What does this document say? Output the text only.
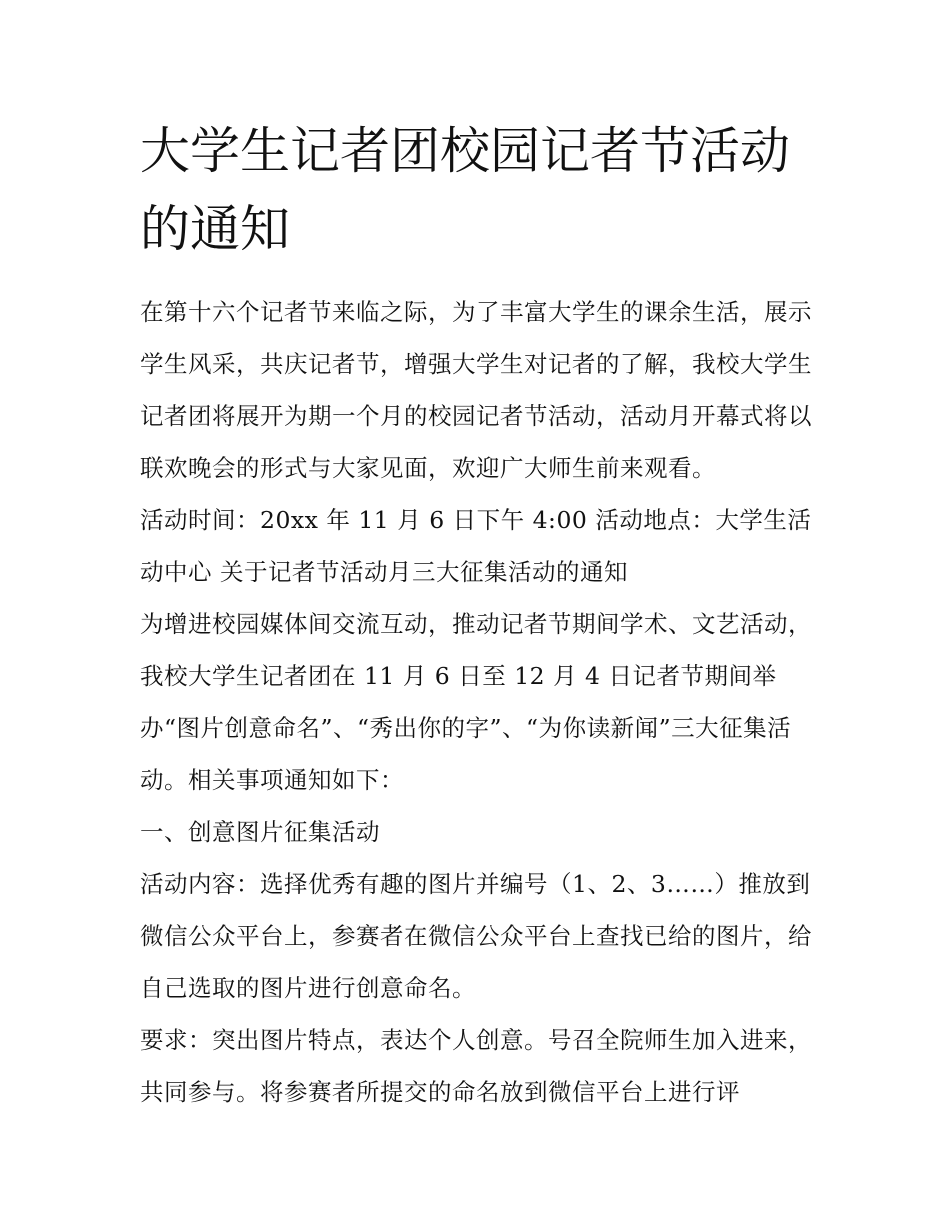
大学生记者团校园记者节活动的通知

在第十六个记者节来临之际，为了丰富大学生的课余生活，展示学生风采，共庆记者节，增强大学生对记者的了解，我校大学生记者团将展开为期一个月的校园记者节活动，活动月开幕式将以联欢晚会的形式与大家见面，欢迎广大师生前来观看。

活动时间：20xx 年 11 月 6 日下午 4:00 活动地点：大学生活动中心 关于记者节活动月三大征集活动的通知

为增进校园媒体间交流互动，推动记者节期间学术、文艺活动，我校大学生记者团在 11 月 6 日至 12 月 4 日记者节期间举办“图片创意命名”、“秀出你的字”、“为你读新闻”三大征集活动。相关事项通知如下：

一、创意图片征集活动

活动内容：选择优秀有趣的图片并编号（1、2、3……）推放到微信公众平台上，参赛者在微信公众平台上查找已给的图片，给自己选取的图片进行创意命名。

要求：突出图片特点，表达个人创意。号召全院师生加入进来，共同参与。将参赛者所提交的命名放到微信平台上进行评
